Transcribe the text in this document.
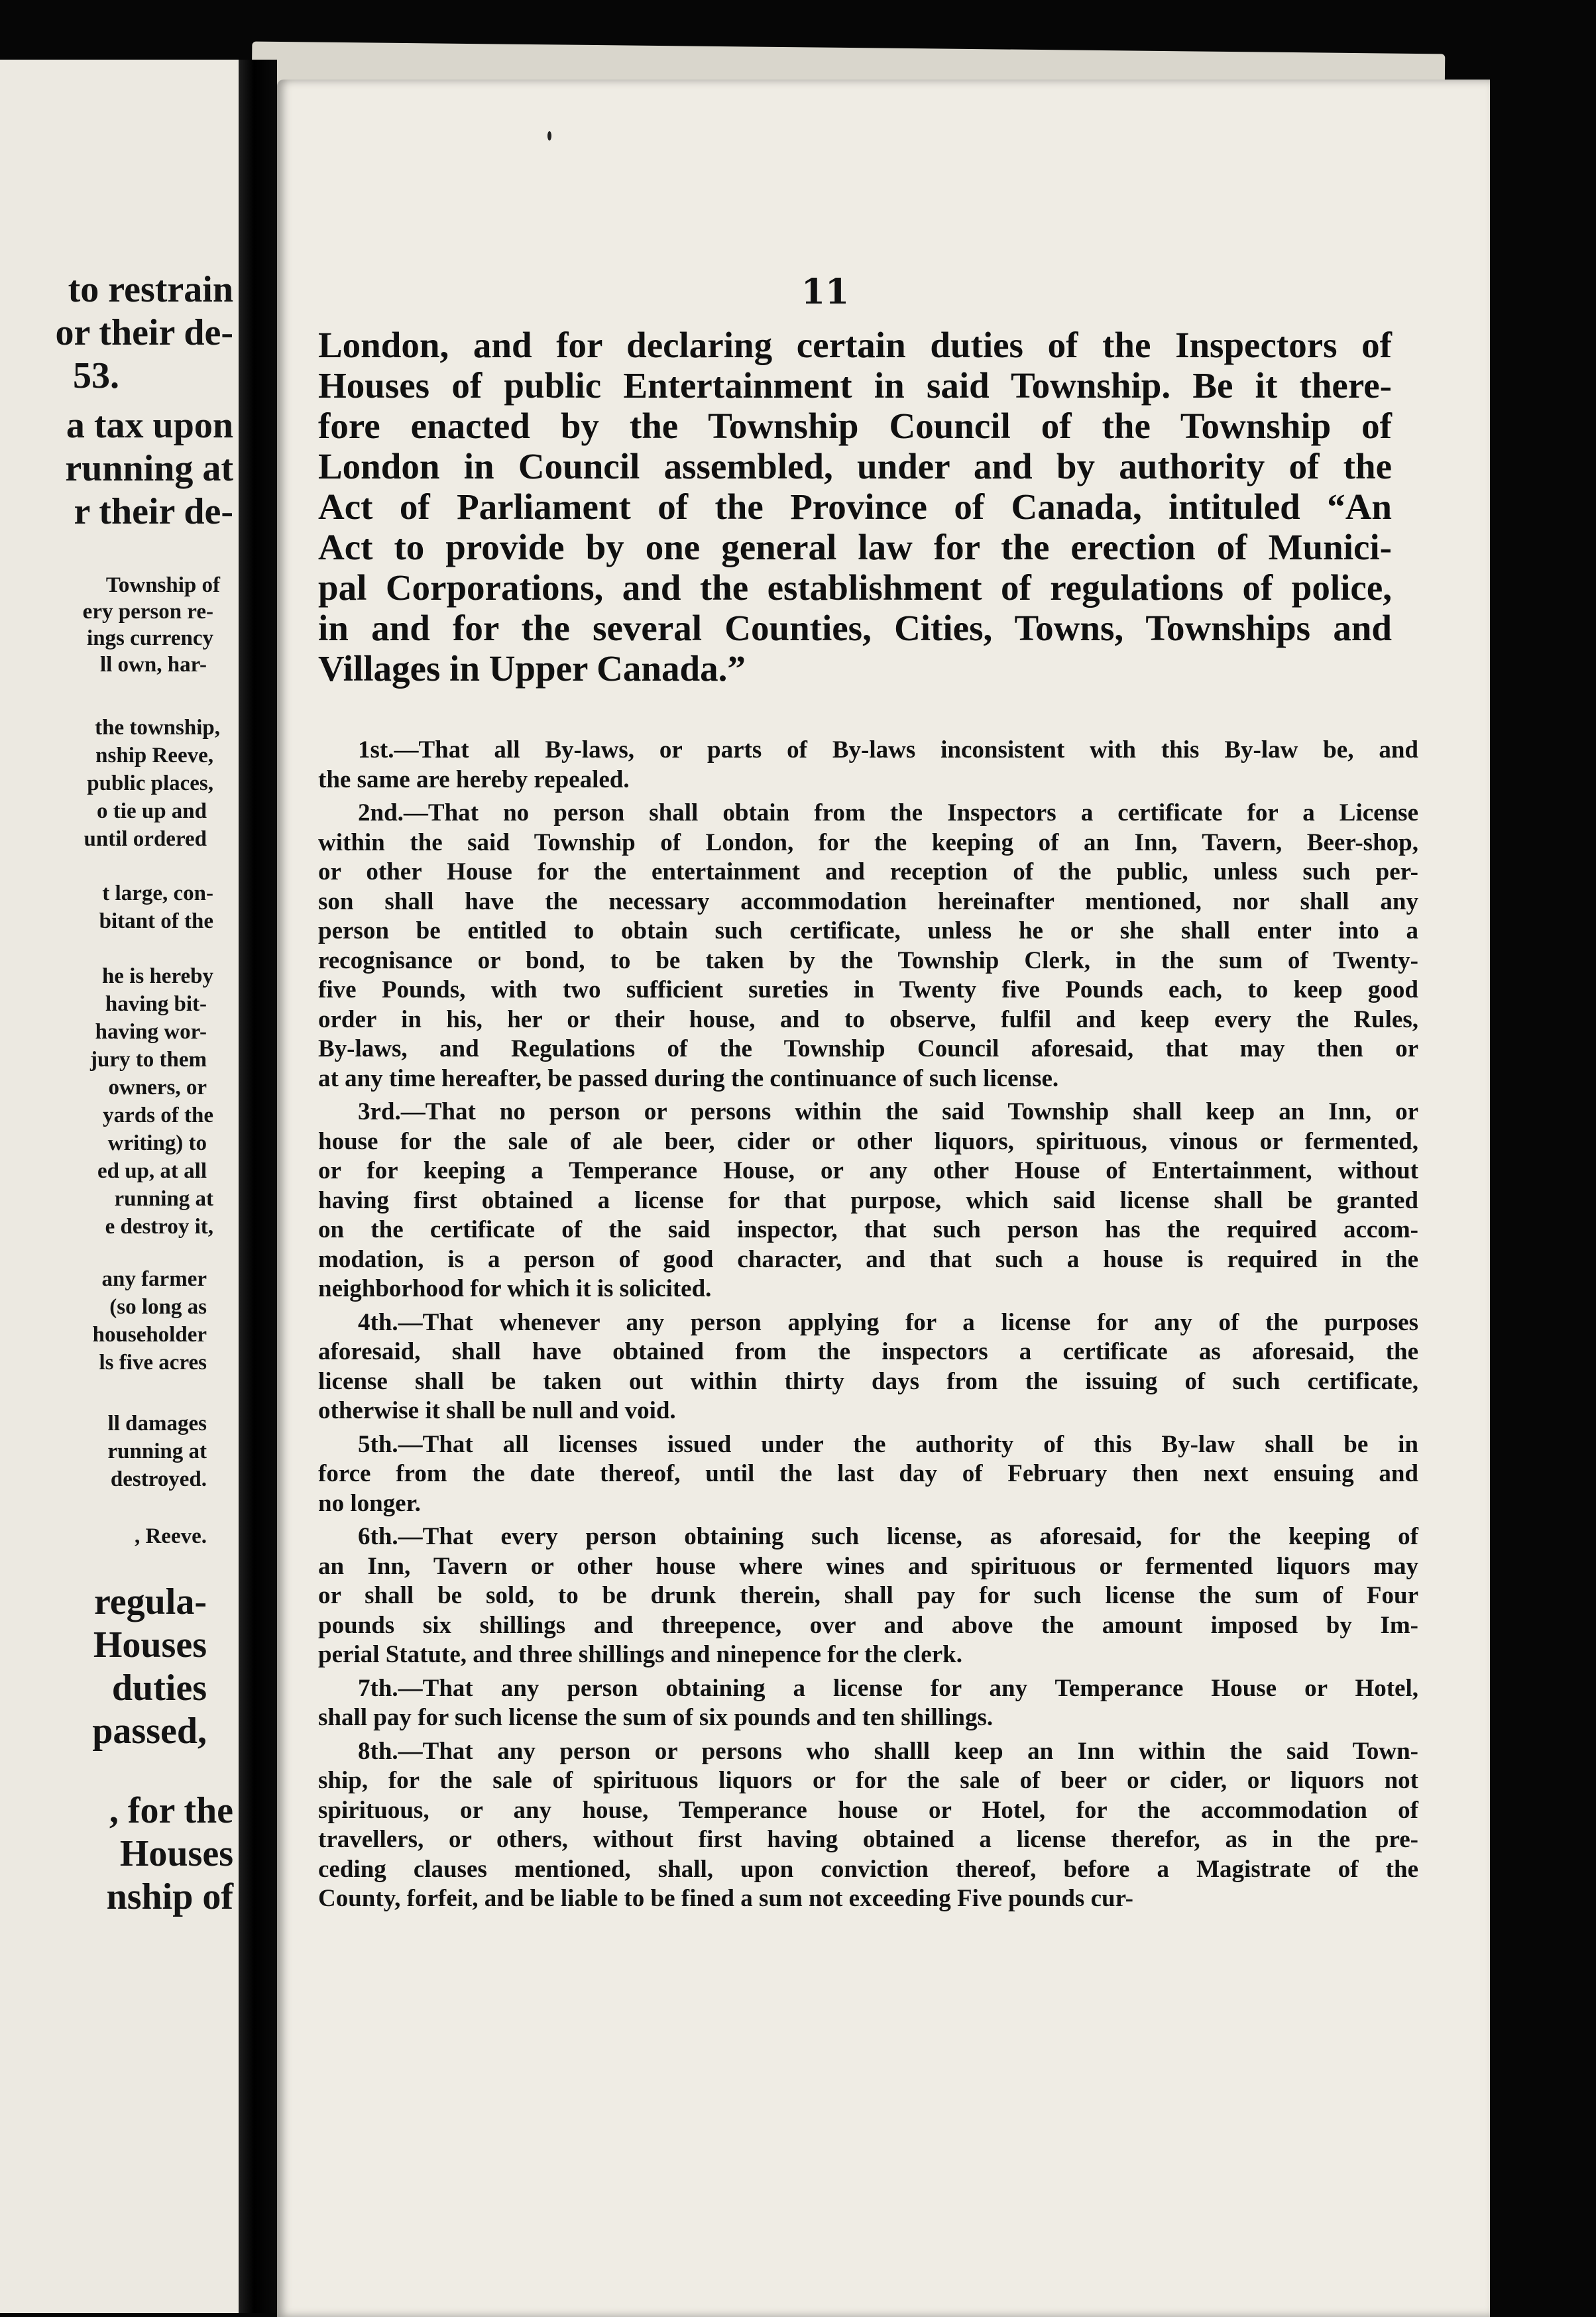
to restrain
or their de-
53.
a tax upon
running at
r their de-
Township of
ery person re-
ings currency
ll own, har-
the township,
nship Reeve,
public places,
o tie up and
until ordered
t large, con-
bitant of the
he is hereby
having bit-
having wor-
jury to them
owners, or
yards of the
writing) to
ed up, at all
running at
e destroy it,
any farmer
(so long as
householder
ls five acres
ll damages
running at
destroyed.
, Reeve.
regula-
Houses
duties
passed,
, for the
Houses
nship of
11
London, and for declaring certain duties of the Inspectors of
Houses of public Entertainment in said Township. Be it there-
fore enacted by the Township Council of the Township of
London in Council assembled, under and by authority of the
Act of Parliament of the Province of Canada, intituled “An
Act to provide by one general law for the erection of Munici-
pal Corporations, and the establishment of regulations of police,
in and for the several Counties, Cities, Towns, Townships and
Villages in Upper Canada.”
1st.—That all By-laws, or parts of By-laws inconsistent with this By-law be, and
the same are hereby repealed.
2nd.—That no person shall obtain from the Inspectors a certificate for a License
within the said Township of London, for the keeping of an Inn, Tavern, Beer-shop,
or other House for the entertainment and reception of the public, unless such per-
son shall have the necessary accommodation hereinafter mentioned, nor shall any
person be entitled to obtain such certificate, unless he or she shall enter into a
recognisance or bond, to be taken by the Township Clerk, in the sum of Twenty-
five Pounds, with two sufficient sureties in Twenty five Pounds each, to keep good
order in his, her or their house, and to observe, fulfil and keep every the Rules,
By-laws, and Regulations of the Township Council aforesaid, that may then or
at any time hereafter, be passed during the continuance of such license.
3rd.—That no person or persons within the said Township shall keep an Inn, or
house for the sale of ale beer, cider or other liquors, spirituous, vinous or fermented,
or for keeping a Temperance House, or any other House of Entertainment, without
having first obtained a license for that purpose, which said license shall be granted
on the certificate of the said inspector, that such person has the required accom-
modation, is a person of good character, and that such a house is required in the
neighborhood for which it is solicited.
4th.—That whenever any person applying for a license for any of the purposes
aforesaid, shall have obtained from the inspectors a certificate as aforesaid, the
license shall be taken out within thirty days from the issuing of such certificate,
otherwise it shall be null and void.
5th.—That all licenses issued under the authority of this By-law shall be in
force from the date thereof, until the last day of February then next ensuing and
no longer.
6th.—That every person obtaining such license, as aforesaid, for the keeping of
an Inn, Tavern or other house where wines and spirituous or fermented liquors may
or shall be sold, to be drunk therein, shall pay for such license the sum of Four
pounds six shillings and threepence, over and above the amount imposed by Im-
perial Statute, and three shillings and ninepence for the clerk.
7th.—That any person obtaining a license for any Temperance House or Hotel,
shall pay for such license the sum of six pounds and ten shillings.
8th.—That any person or persons who shalll keep an Inn within the said Town-
ship, for the sale of spirituous liquors or for the sale of beer or cider, or liquors not
spirituous, or any house, Temperance house or Hotel, for the accommodation of
travellers, or others, without first having obtained a license therefor, as in the pre-
ceding clauses mentioned, shall, upon conviction thereof, before a Magistrate of the
County, forfeit, and be liable to be fined a sum not exceeding Five pounds cur-
